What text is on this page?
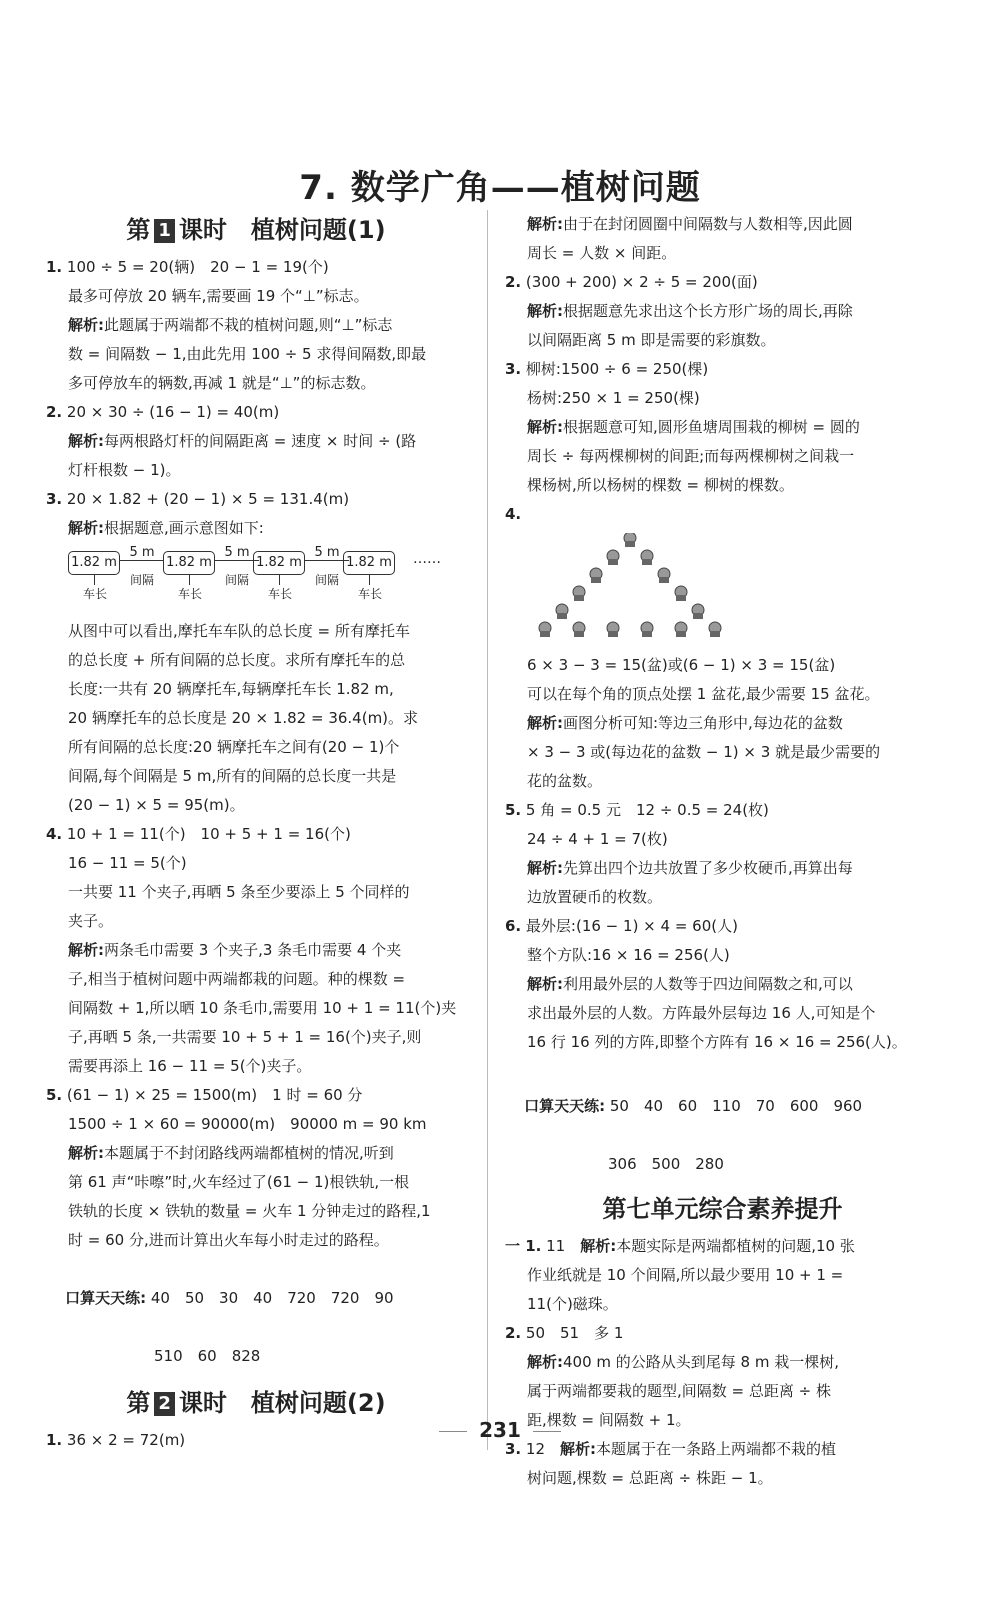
7. 数学广角——植树问题
第 1 课时　植树问题(1)
1. 100 ÷ 5 = 20(辆)　20 − 1 = 19(个)
最多可停放 20 辆车,需要画 19 个“⊥”标志。
解析:此题属于两端都不栽的植树问题,则“⊥”标志
数 = 间隔数 − 1,由此先用 100 ÷ 5 求得间隔数,即最
多可停放车的辆数,再减 1 就是“⊥”的标志数。
2. 20 × 30 ÷ (16 − 1) = 40(m)
解析:每两根路灯杆的间隔距离 = 速度 × 时间 ÷ (路
灯杆根数 − 1)。
3. 20 × 1.82 + (20 − 1) × 5 = 131.4(m)
解析:根据题意,画示意图如下:
1.82 m
车长
5 m
间隔
1.82 m
车长
5 m
间隔
1.82 m
车长
5 m
间隔
1.82 m
车长
……
从图中可以看出,摩托车车队的总长度 = 所有摩托车
的总长度 + 所有间隔的总长度。求所有摩托车的总
长度:一共有 20 辆摩托车,每辆摩托车长 1.82 m,
20 辆摩托车的总长度是 20 × 1.82 = 36.4(m)。求
所有间隔的总长度:20 辆摩托车之间有(20 − 1)个
间隔,每个间隔是 5 m,所有的间隔的总长度一共是
(20 − 1) × 5 = 95(m)。
4. 10 + 1 = 11(个)　10 + 5 + 1 = 16(个)
16 − 11 = 5(个)
一共要 11 个夹子,再晒 5 条至少要添上 5 个同样的
夹子。
解析:两条毛巾需要 3 个夹子,3 条毛巾需要 4 个夹
子,相当于植树问题中两端都栽的问题。种的棵数 =
间隔数 + 1,所以晒 10 条毛巾,需要用 10 + 1 = 11(个)夹
子,再晒 5 条,一共需要 10 + 5 + 1 = 16(个)夹子,则
需要再添上 16 − 11 = 5(个)夹子。
5. (61 − 1) × 25 = 1500(m)　1 时 = 60 分
1500 ÷ 1 × 60 = 90000(m)　90000 m = 90 km
解析:本题属于不封闭路线两端都植树的情况,听到
第 61 声“咔嚓”时,火车经过了(61 − 1)根铁轨,一根
铁轨的长度 × 铁轨的数量 = 火车 1 分钟走过的路程,1
时 = 60 分,进而计算出火车每小时走过的路程。

口算天天练: 40　50　30　40　720　720　90

510　60　828
第 2 课时　植树问题(2)
1. 36 × 2 = 72(m)
解析:由于在封闭圆圈中间隔数与人数相等,因此圆
周长 = 人数 × 间距。
2. (300 + 200) × 2 ÷ 5 = 200(面)
解析:根据题意先求出这个长方形广场的周长,再除
以间隔距离 5 m 即是需要的彩旗数。
3. 柳树:1500 ÷ 6 = 250(棵)
杨树:250 × 1 = 250(棵)
解析:根据题意可知,圆形鱼塘周围栽的柳树 = 圆的
周长 ÷ 每两棵柳树的间距;而每两棵柳树之间栽一
棵杨树,所以杨树的棵数 = 柳树的棵数。
4.
6 × 3 − 3 = 15(盆)或(6 − 1) × 3 = 15(盆)
可以在每个角的顶点处摆 1 盆花,最少需要 15 盆花。
解析:画图分析可知:等边三角形中,每边花的盆数
× 3 − 3 或(每边花的盆数 − 1) × 3 就是最少需要的
花的盆数。
5. 5 角 = 0.5 元　12 ÷ 0.5 = 24(枚)
24 ÷ 4 + 1 = 7(枚)
解析:先算出四个边共放置了多少枚硬币,再算出每
边放置硬币的枚数。
6. 最外层:(16 − 1) × 4 = 60(人)
整个方队:16 × 16 = 256(人)
解析:利用最外层的人数等于四边间隔数之和,可以
求出最外层的人数。方阵最外层每边 16 人,可知是个
16 行 16 列的方阵,即整个方阵有 16 × 16 = 256(人)。

口算天天练: 50　40　60　110　70　600　960

306　500　280
第七单元综合素养提升
一 1. 11　解析:本题实际是两端都植树的问题,10 张
作业纸就是 10 个间隔,所以最少要用 10 + 1 =
11(个)磁珠。
2. 50　51　多 1
解析:400 m 的公路从头到尾每 8 m 栽一棵树,
属于两端都要栽的题型,间隔数 = 总距离 ÷ 株
距,棵数 = 间隔数 + 1。
3. 12　解析:本题属于在一条路上两端都不栽的植
树问题,棵数 = 总距离 ÷ 株距 − 1。
231
